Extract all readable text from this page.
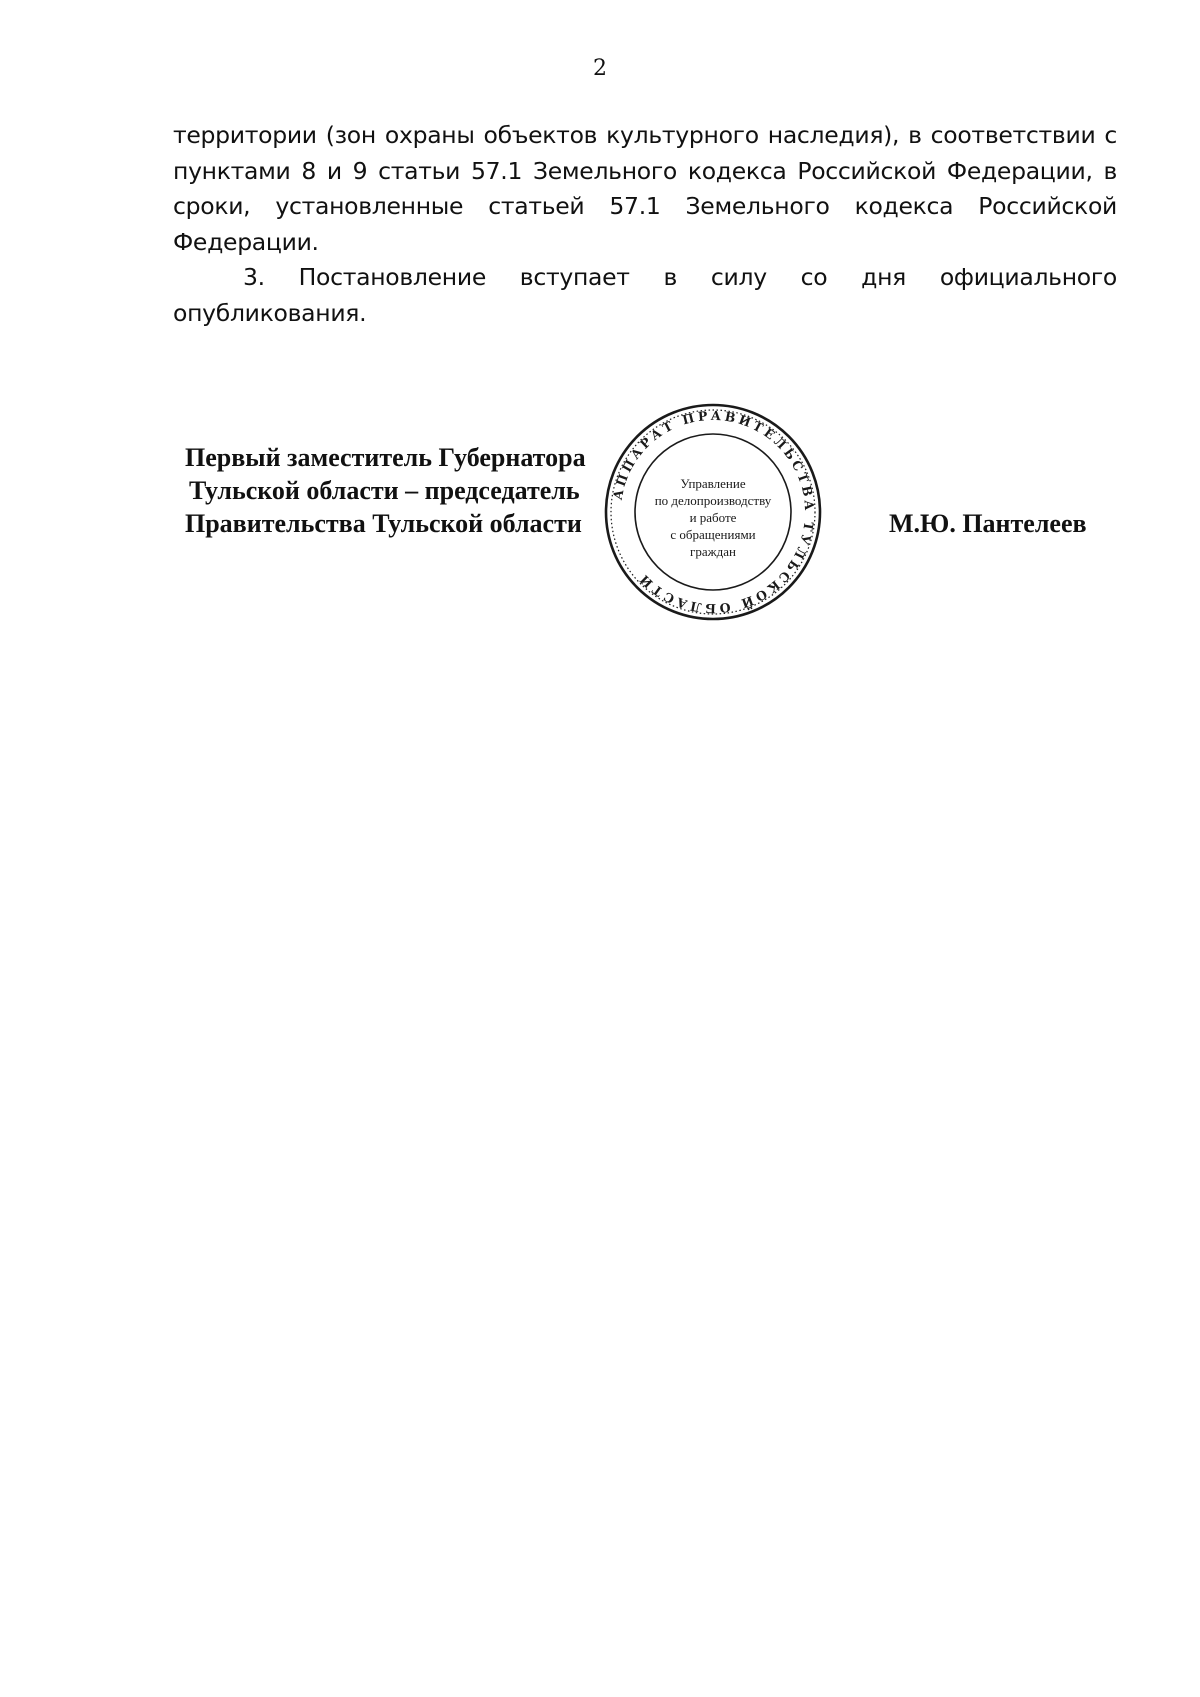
2

территории (зон охраны объектов культурного наследия), в соответствии с пунктами 8 и 9 статьи 57.1 Земельного кодекса Российской Федерации, в сроки, установленные статьей 57.1 Земельного кодекса Российской Федерации.

3. Постановление вступает в силу со дня официального опубликования.

Первый заместитель Губернатора

Тульской области – председатель

Правительства Тульской области	М.Ю. Пантелеев
АППАРАТ ПРАВИТЕЛЬСТВА ТУЛЬСКОЙ ОБЛАСТИ
Управление
по делопроизводству
и работе
с обращениями
граждан
